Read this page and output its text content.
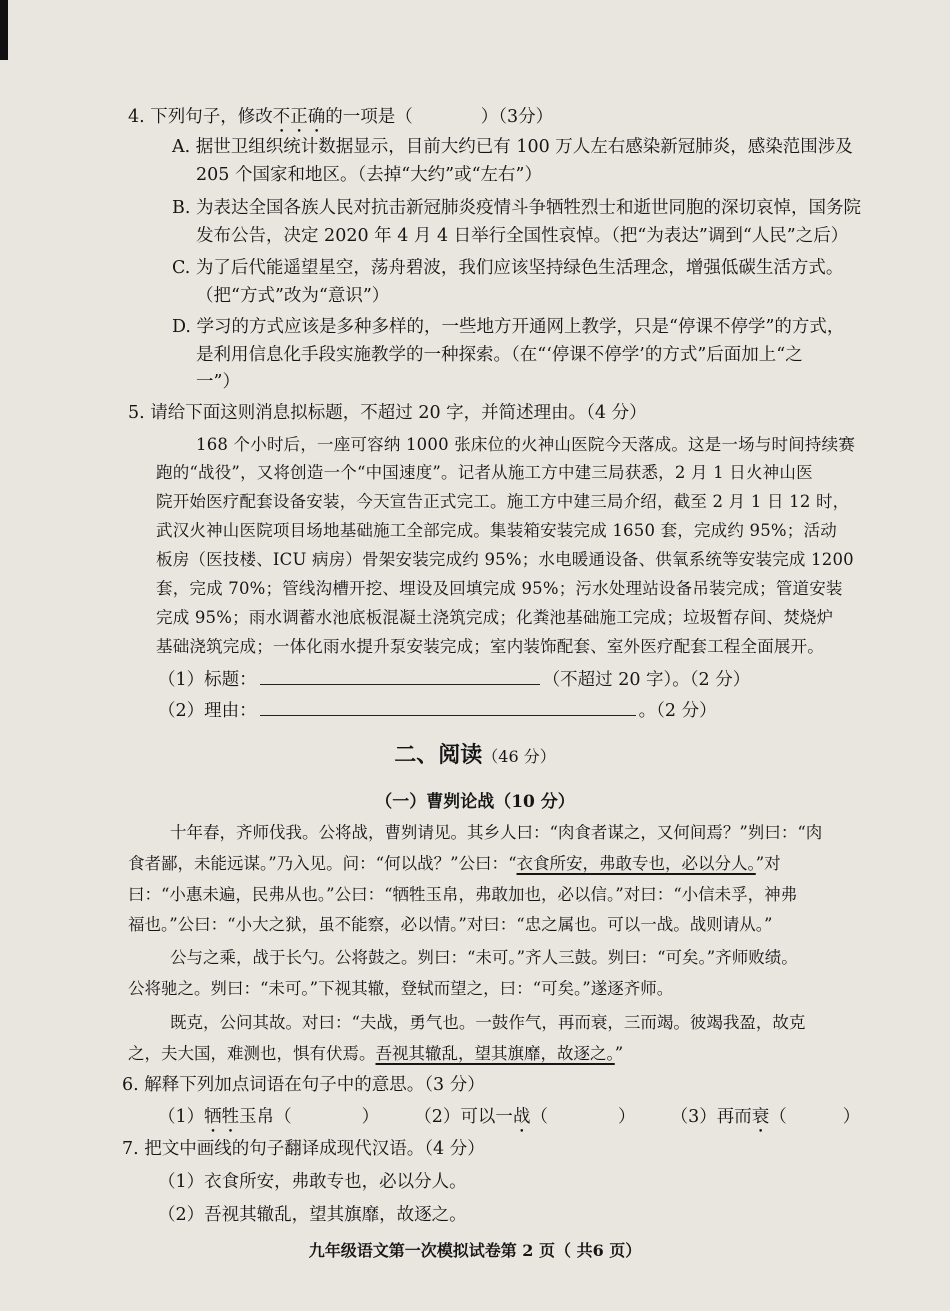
4. 下列句子，修改不正确的一项是（	）（3分）
A. 据世卫组织统计数据显示，目前大约已有 100 万人左右感染新冠肺炎，感染范围涉及
205 个国家和地区。（去掉“大约”或“左右”）
B. 为表达全国各族人民对抗击新冠肺炎疫情斗争牺牲烈士和逝世同胞的深切哀悼，国务院
发布公告，决定 2020 年 4 月 4 日举行全国性哀悼。（把“为表达”调到“人民”之后）
C. 为了后代能遥望星空，荡舟碧波，我们应该坚持绿色生活理念，增强低碳生活方式。
（把“方式”改为“意识”）
D. 学习的方式应该是多种多样的，一些地方开通网上教学，只是“停课不停学”的方式，
是利用信息化手段实施教学的一种探索。（在“‘停课不停学’的方式”后面加上“之
一”）
5. 请给下面这则消息拟标题，不超过 20 字，并简述理由。（4 分）
168 个小时后，一座可容纳 1000 张床位的火神山医院今天落成。这是一场与时间持续赛
跑的“战役”，又将创造一个“中国速度”。记者从施工方中建三局获悉，2 月 1 日火神山医
院开始医疗配套设备安装，今天宣告正式完工。施工方中建三局介绍，截至 2 月 1 日 12 时，
武汉火神山医院项目场地基础施工全部完成。集装箱安装完成 1650 套，完成约 95%；活动
板房（医技楼、ICU 病房）骨架安装完成约 95%；水电暖通设备、供氧系统等安装完成 1200
套，完成 70%；管线沟槽开挖、埋设及回填完成 95%；污水处理站设备吊装完成；管道安装
完成 95%；雨水调蓄水池底板混凝土浇筑完成；化粪池基础施工完成；垃圾暂存间、焚烧炉
基础浇筑完成；一体化雨水提升泵安装完成；室内装饰配套、室外医疗配套工程全面展开。
（1）标题：	（不超过 20 字）。（2 分）
（2）理由：	。（2 分）
二、阅读（46 分）
（一）曹刿论战（10 分）
十年春，齐师伐我。公将战，曹刿请见。其乡人曰：“肉食者谋之，又何间焉？”刿曰：“肉
食者鄙，未能远谋。”乃入见。问：“何以战？”公曰：“衣食所安，弗敢专也，必以分人。”对
曰：“小惠未遍，民弗从也。”公曰：“牺牲玉帛，弗敢加也，必以信。”对曰：“小信未孚，神弗
福也。”公曰：“小大之狱，虽不能察，必以情。”对曰：“忠之属也。可以一战。战则请从。”
公与之乘，战于长勺。公将鼓之。刿曰：“未可。”齐人三鼓。刿曰：“可矣。”齐师败绩。
公将驰之。刿曰：“未可。”下视其辙，登轼而望之，曰：“可矣。”遂逐齐师。
既克，公问其故。对曰：“夫战，勇气也。一鼓作气，再而衰，三而竭。彼竭我盈，故克
之，夫大国，难测也，惧有伏焉。吾视其辙乱，望其旗靡，故逐之。”
6. 解释下列加点词语在句子中的意思。（3 分）
（1）牺牲玉帛（	） （2）可以一战（	） （3）再而衰（	）
7. 把文中画线的句子翻译成现代汉语。（4 分）
（1）衣食所安，弗敢专也，必以分人。
（2）吾视其辙乱，望其旗靡，故逐之。
九年级语文第一次模拟试卷第 2 页（ 共6 页）
